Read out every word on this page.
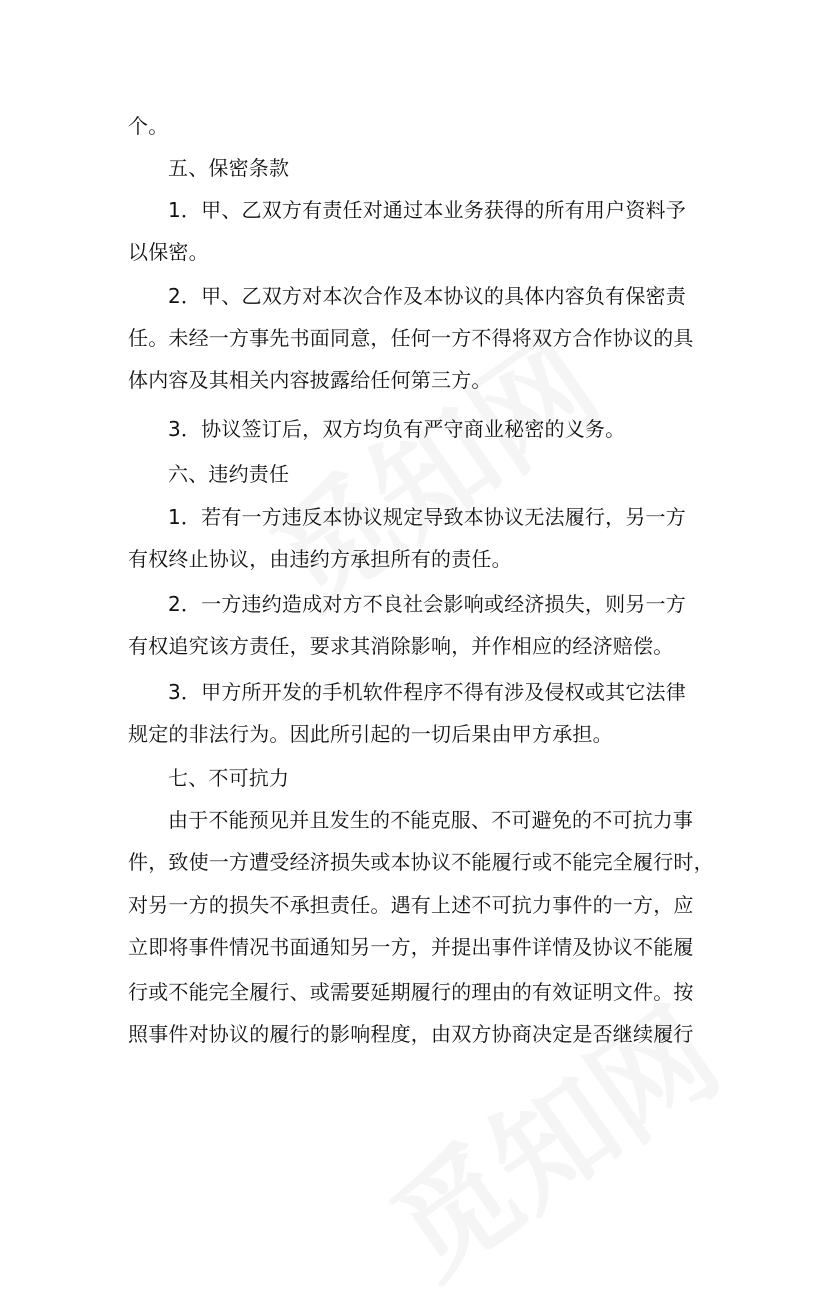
个。
五、保密条款
1．甲、乙双方有责任对通过本业务获得的所有用户资料予
以保密。
2．甲、乙双方对本次合作及本协议的具体内容负有保密责
任。未经一方事先书面同意，任何一方不得将双方合作协议的具
体内容及其相关内容披露给任何第三方。
3．协议签订后，双方均负有严守商业秘密的义务。
六、违约责任
1．若有一方违反本协议规定导致本协议无法履行，另一方
有权终止协议，由违约方承担所有的责任。
2．一方违约造成对方不良社会影响或经济损失，则另一方
有权追究该方责任，要求其消除影响，并作相应的经济赔偿。
3．甲方所开发的手机软件程序不得有涉及侵权或其它法律
规定的非法行为。因此所引起的一切后果由甲方承担。
七、不可抗力
由于不能预见并且发生的不能克服、不可避免的不可抗力事
件，致使一方遭受经济损失或本协议不能履行或不能完全履行时，
对另一方的损失不承担责任。遇有上述不可抗力事件的一方，应
立即将事件情况书面通知另一方，并提出事件详情及协议不能履
行或不能完全履行、或需要延期履行的理由的有效证明文件。按
照事件对协议的履行的影响程度，由双方协商决定是否继续履行
